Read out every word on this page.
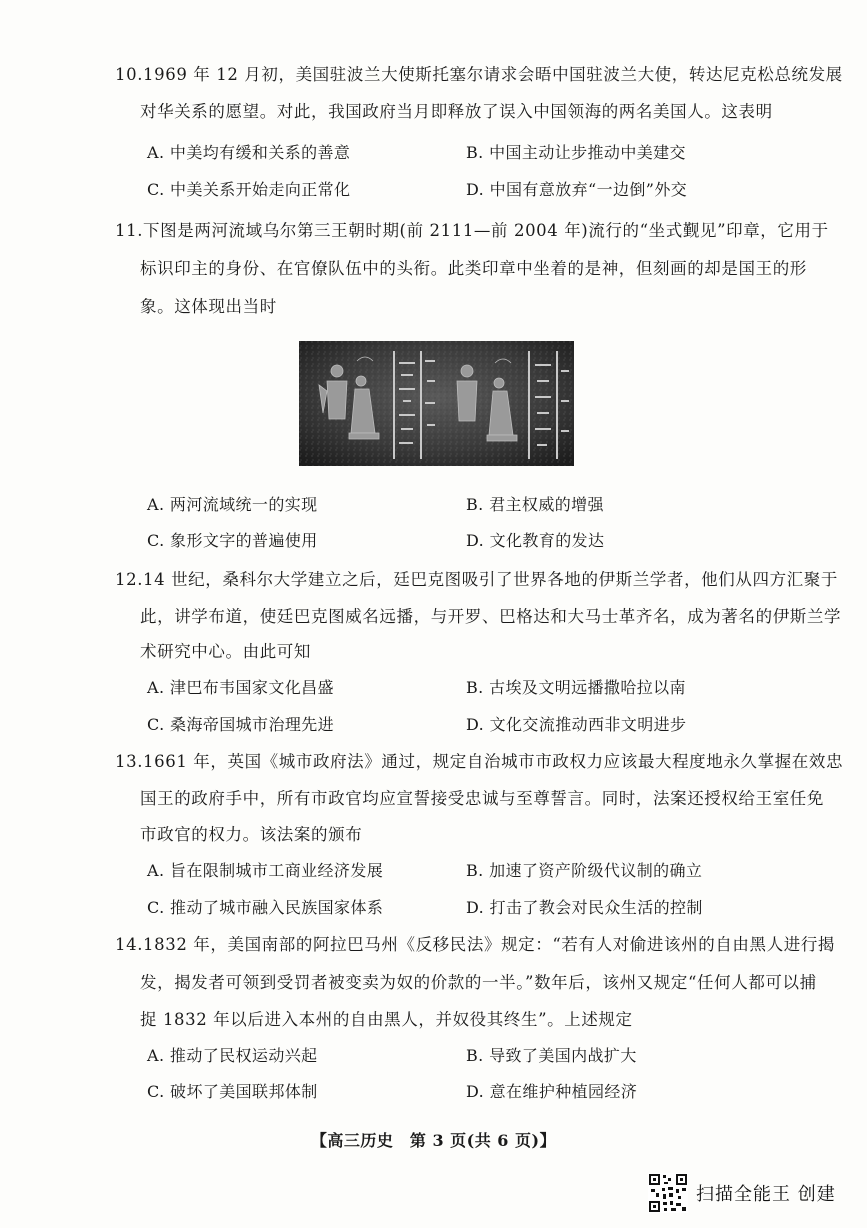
10.1969 年 12 月初，美国驻波兰大使斯托塞尔请求会晤中国驻波兰大使，转达尼克松总统发展
对华关系的愿望。对此，我国政府当月即释放了误入中国领海的两名美国人。这表明
A. 中美均有缓和关系的善意	B. 中国主动让步推动中美建交
C. 中美关系开始走向正常化	D. 中国有意放弃“一边倒”外交
11.下图是两河流域乌尔第三王朝时期(前 2111—前 2004 年)流行的“坐式觐见”印章，它用于
标识印主的身份、在官僚队伍中的头衔。此类印章中坐着的是神，但刻画的却是国王的形
象。这体现出当时
A. 两河流域统一的实现	B. 君主权威的增强
C. 象形文字的普遍使用	D. 文化教育的发达
12.14 世纪，桑科尔大学建立之后，廷巴克图吸引了世界各地的伊斯兰学者，他们从四方汇聚于
此，讲学布道，使廷巴克图威名远播，与开罗、巴格达和大马士革齐名，成为著名的伊斯兰学
术研究中心。由此可知
A. 津巴布韦国家文化昌盛	B. 古埃及文明远播撒哈拉以南
C. 桑海帝国城市治理先进	D. 文化交流推动西非文明进步
13.1661 年，英国《城市政府法》通过，规定自治城市市政权力应该最大程度地永久掌握在效忠
国王的政府手中，所有市政官均应宣誓接受忠诚与至尊誓言。同时，法案还授权给王室任免
市政官的权力。该法案的颁布
A. 旨在限制城市工商业经济发展	B. 加速了资产阶级代议制的确立
C. 推动了城市融入民族国家体系	D. 打击了教会对民众生活的控制
14.1832 年，美国南部的阿拉巴马州《反移民法》规定：“若有人对偷进该州的自由黑人进行揭
发，揭发者可领到受罚者被变卖为奴的价款的一半。”数年后，该州又规定“任何人都可以捕
捉 1832 年以后进入本州的自由黑人，并奴役其终生”。上述规定
A. 推动了民权运动兴起	B. 导致了美国内战扩大
C. 破坏了美国联邦体制	D. 意在维护种植园经济
【高三历史　第 3 页(共 6 页)】
扫描全能王 创建
